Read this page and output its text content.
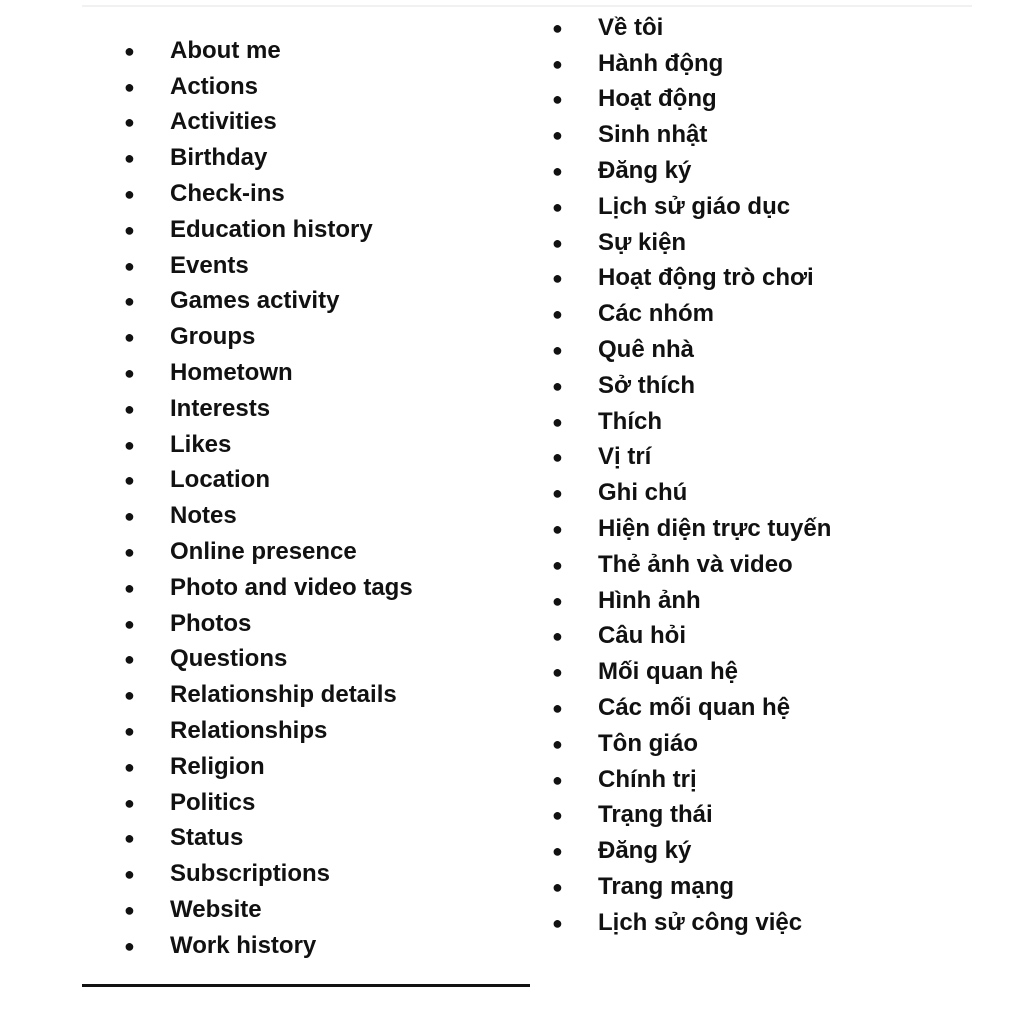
●	About me
●	Actions
●	Activities
●	Birthday
●	Check-ins
●	Education history
●	Events
●	Games activity
●	Groups
●	Hometown
●	Interests
●	Likes
●	Location
●	Notes
●	Online presence
●	Photo and video tags
●	Photos
●	Questions
●	Relationship details
●	Relationships
●	Religion
●	Politics
●	Status
●	Subscriptions
●	Website
●	Work history
●	Về tôi
●	Hành động
●	Hoạt động
●	Sinh nhật
●	Đăng ký
●	Lịch sử giáo dục
●	Sự kiện
●	Hoạt động trò chơi
●	Các nhóm
●	Quê nhà
●	Sở thích
●	Thích
●	Vị trí
●	Ghi chú
●	Hiện diện trực tuyến
●	Thẻ ảnh và video
●	Hình ảnh
●	Câu hỏi
●	Mối quan hệ
●	Các mối quan hệ
●	Tôn giáo
●	Chính trị
●	Trạng thái
●	Đăng ký
●	Trang mạng
●	Lịch sử công việc
